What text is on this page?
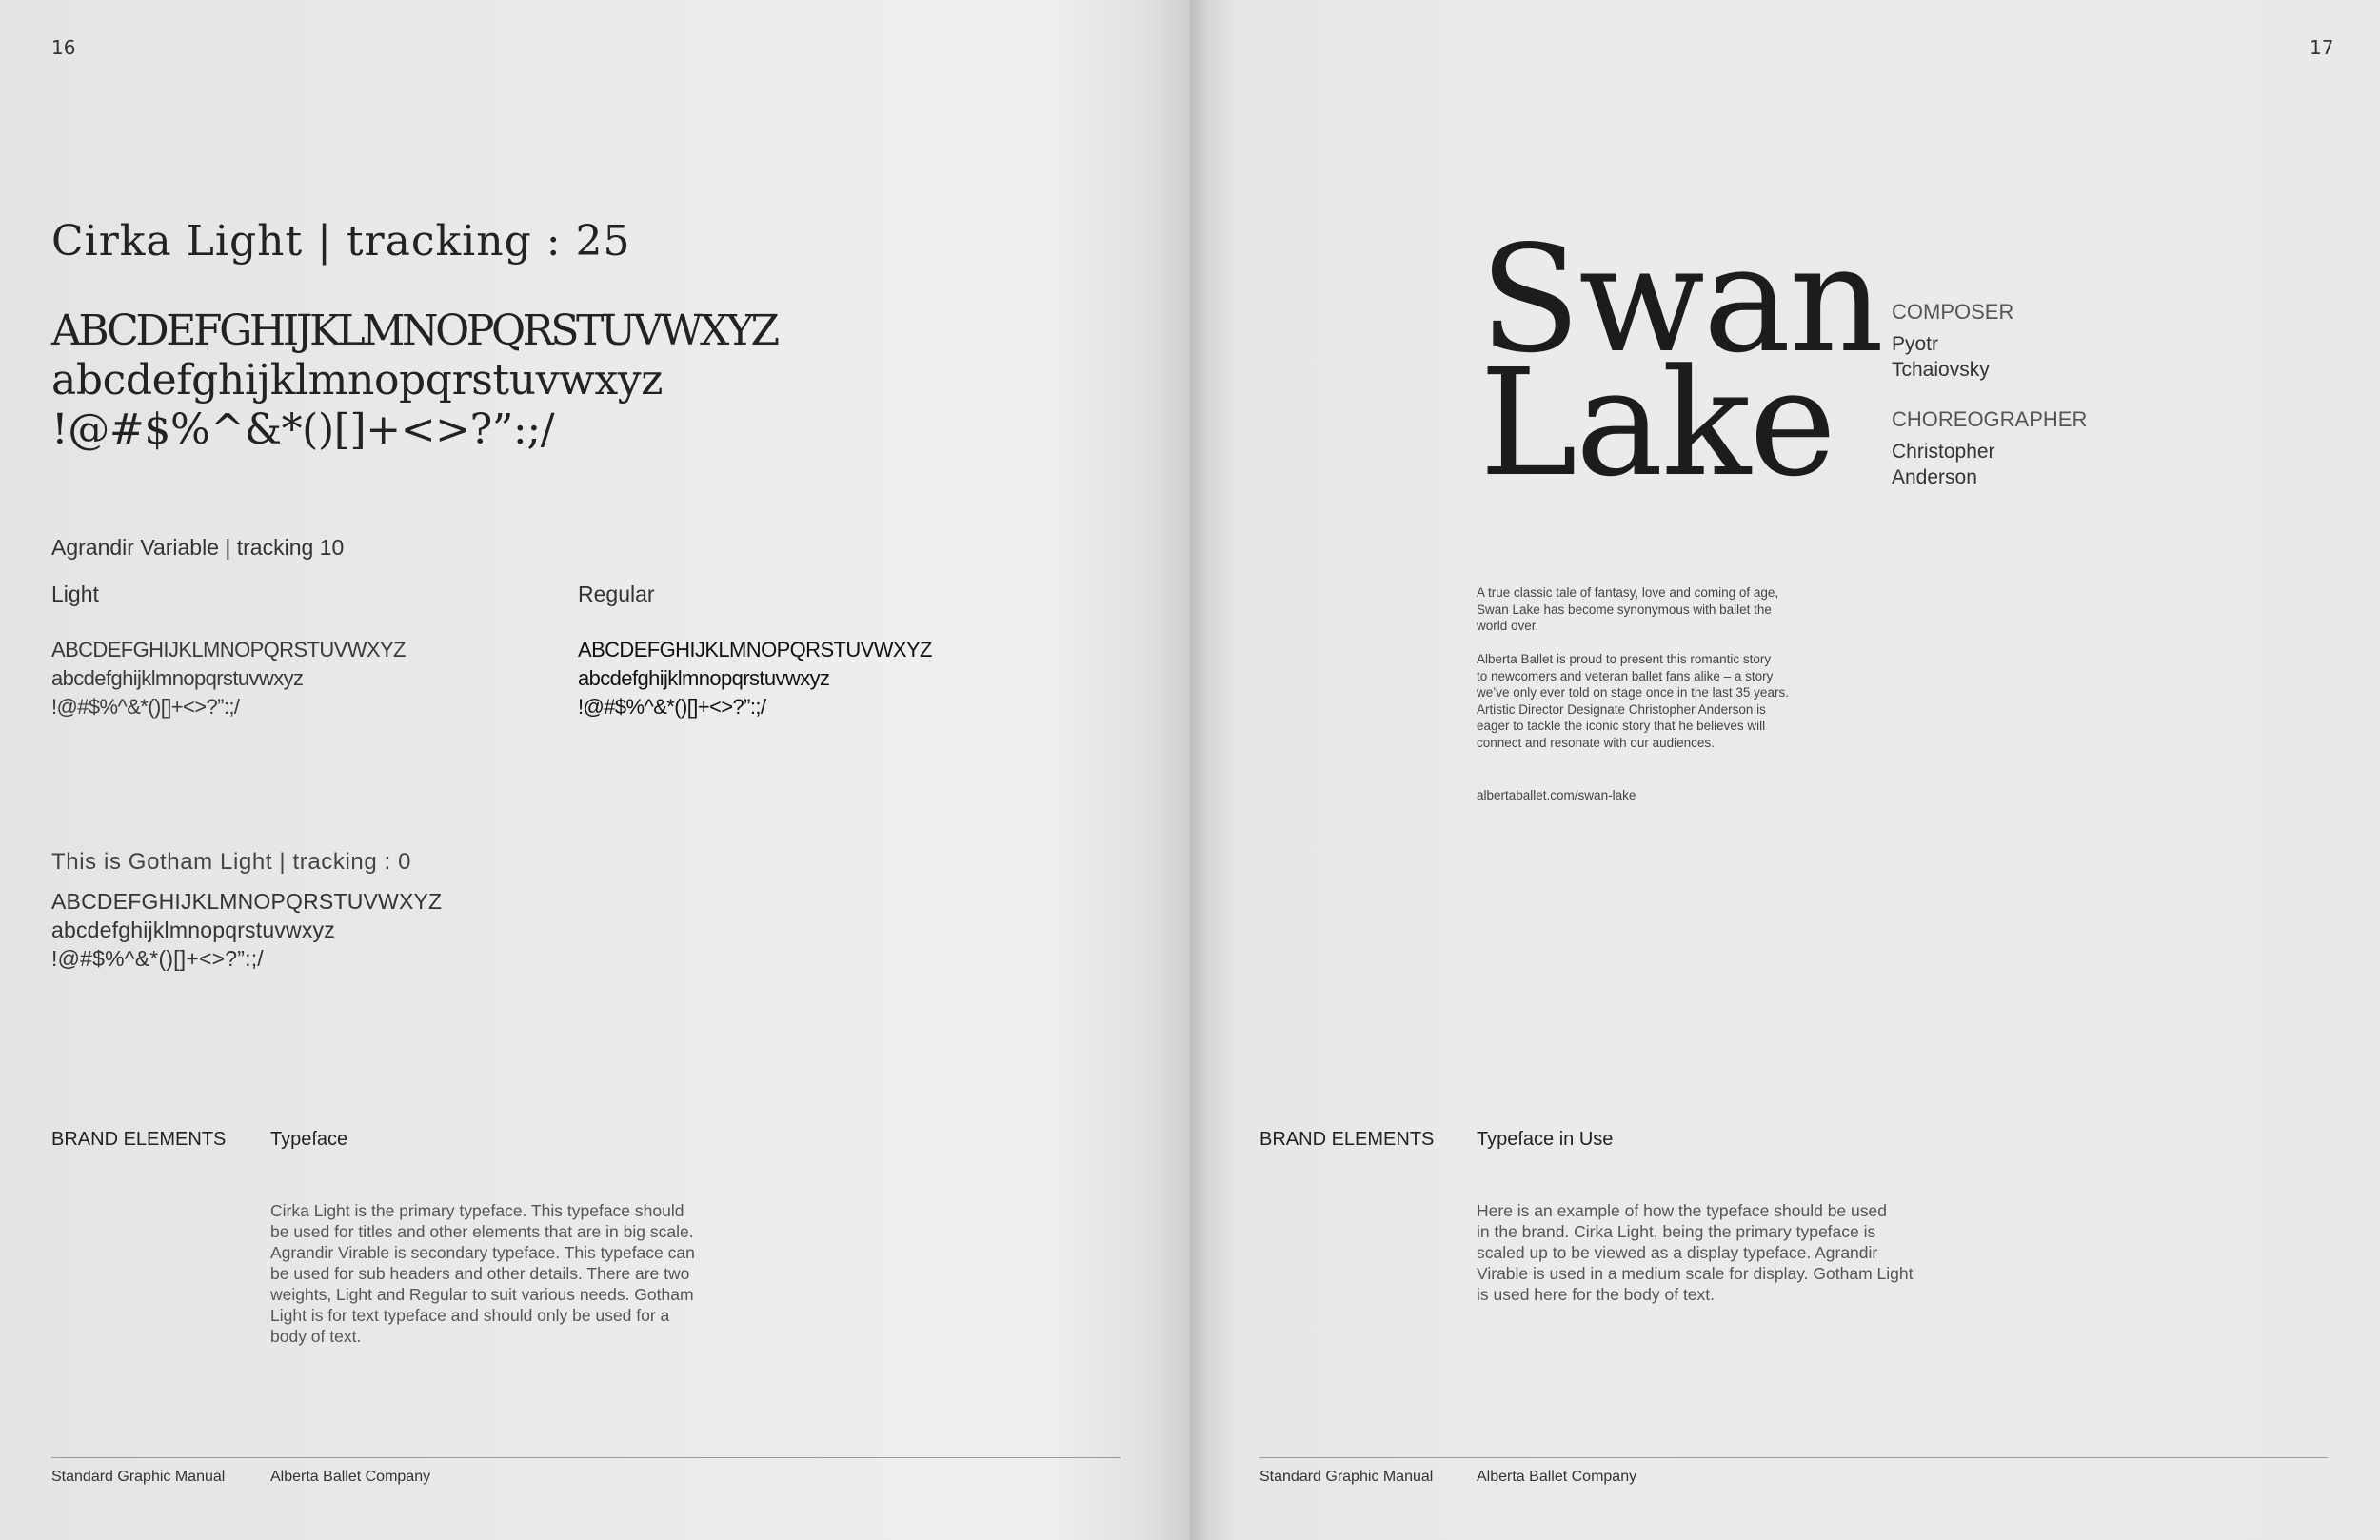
16
Cirka Light | tracking : 25
ABCDEFGHIJKLMNOPQRSTUVWXYZ
abcdefghijklmnopqrstuvwxyz
!@#$%^&*()[]+<>?”:;/
Agrandir Variable | tracking 10
Light
ABCDEFGHIJKLMNOPQRSTUVWXYZ
abcdefghijklmnopqrstuvwxyz
!@#$%^&*()[]+<>?”:;/
Regular
ABCDEFGHIJKLMNOPQRSTUVWXYZ
abcdefghijklmnopqrstuvwxyz
!@#$%^&*()[]+<>?”:;/
This is Gotham Light | tracking : 0
ABCDEFGHIJKLMNOPQRSTUVWXYZ
abcdefghijklmnopqrstuvwxyz
!@#$%^&*()[]+<>?”:;/
BRAND ELEMENTS Typeface
Cirka Light is the primary typeface. This typeface should
be used for titles and other elements that are in big scale.
Agrandir Virable is secondary typeface. This typeface can
be used for sub headers and other details. There are two
weights, Light and Regular to suit various needs. Gotham
Light is for text typeface and should only be used for a
body of text.
Standard Graphic Manual	Alberta Ballet Company
17
Swan
Lake
COMPOSER
Pyotr
Tchaiovsky
CHOREOGRAPHER
Christopher
Anderson
A true classic tale of fantasy, love and coming of age,
Swan Lake has become synonymous with ballet the
world over.
Alberta Ballet is proud to present this romantic story
to newcomers and veteran ballet fans alike – a story
we’ve only ever told on stage once in the last 35 years.
Artistic Director Designate Christopher Anderson is
eager to tackle the iconic story that he believes will
connect and resonate with our audiences.
albertaballet.com/swan-lake
BRAND ELEMENTS Typeface in Use
Here is an example of how the typeface should be used
in the brand. Cirka Light, being the primary typeface is
scaled up to be viewed as a display typeface. Agrandir
Virable is used in a medium scale for display. Gotham Light
is used here for the body of text.
Standard Graphic Manual	Alberta Ballet Company
